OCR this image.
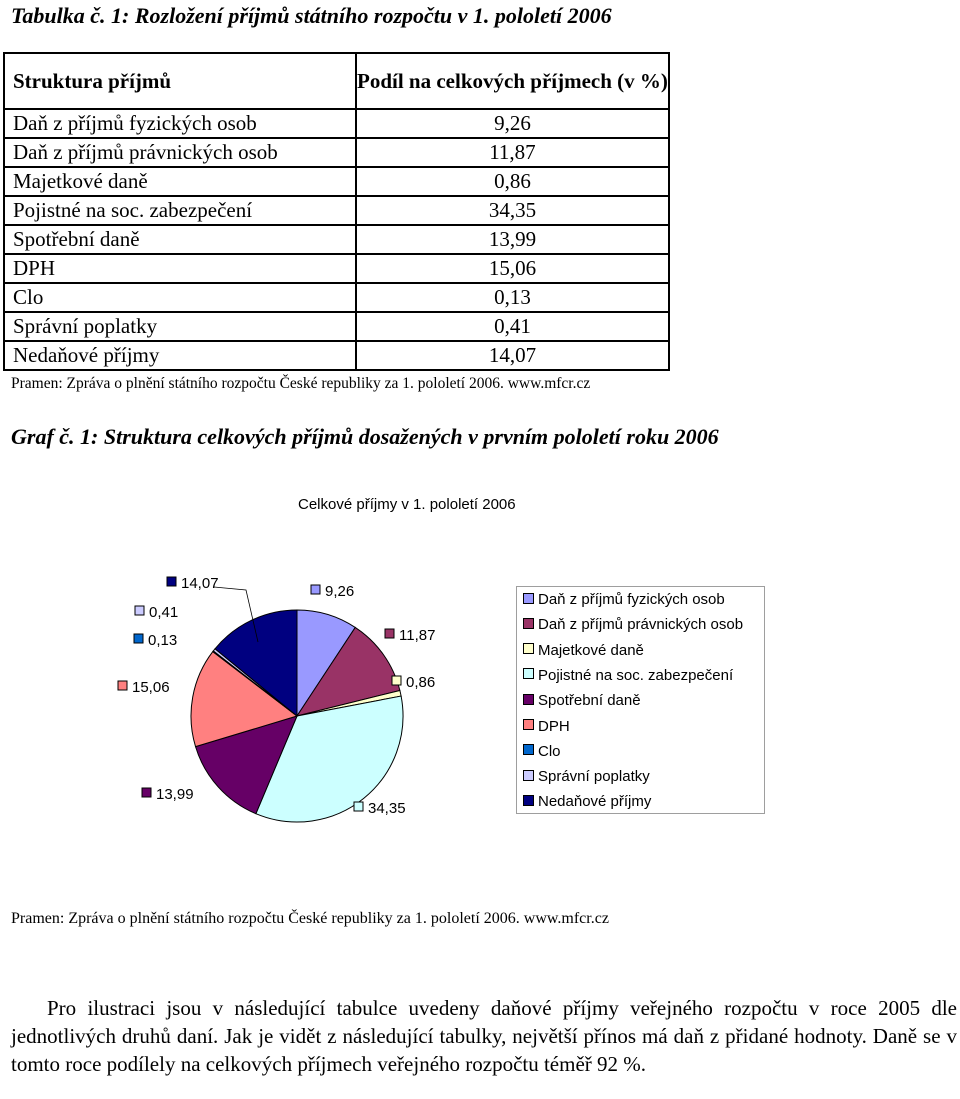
Tabulka č. 1: Rozložení příjmů státního rozpočtu v 1. pololetí 2006
Struktura příjmů	Podíl na celkových příjmech (v %)
Daň z příjmů fyzických osob	9,26
Daň z příjmů právnických osob	11,87
Majetkové daně	0,86
Pojistné na soc. zabezpečení	34,35
Spotřební daně	13,99
DPH	15,06
Clo	0,13
Správní poplatky	0,41
Nedaňové příjmy	14,07
Pramen: Zpráva o plnění státního rozpočtu České republiky za 1. pololetí 2006. www.mfcr.cz
Graf č. 1: Struktura celkových příjmů dosažených v prvním pololetí roku 2006
Celkové příjmy v 1. pololetí 2006
9,26
11,87
0,86
34,35
13,99
15,06
0,13
0,41
14,07
Daň z příjmů fyzických osob
Daň z příjmů právnických osob
Majetkové daně
Pojistné na soc. zabezpečení
Spotřební daně
DPH
Clo
Správní poplatky
Nedaňové příjmy
Pramen: Zpráva o plnění státního rozpočtu České republiky za 1. pololetí 2006. www.mfcr.cz
Pro ilustraci jsou v následující tabulce uvedeny daňové příjmy veřejného rozpočtu v roce 2005 dle jednotlivých druhů daní. Jak je vidět z následující tabulky, největší přínos má daň z přidané hodnoty. Daně se v tomto roce podílely na celkových příjmech veřejného rozpočtu téměř 92 %.
